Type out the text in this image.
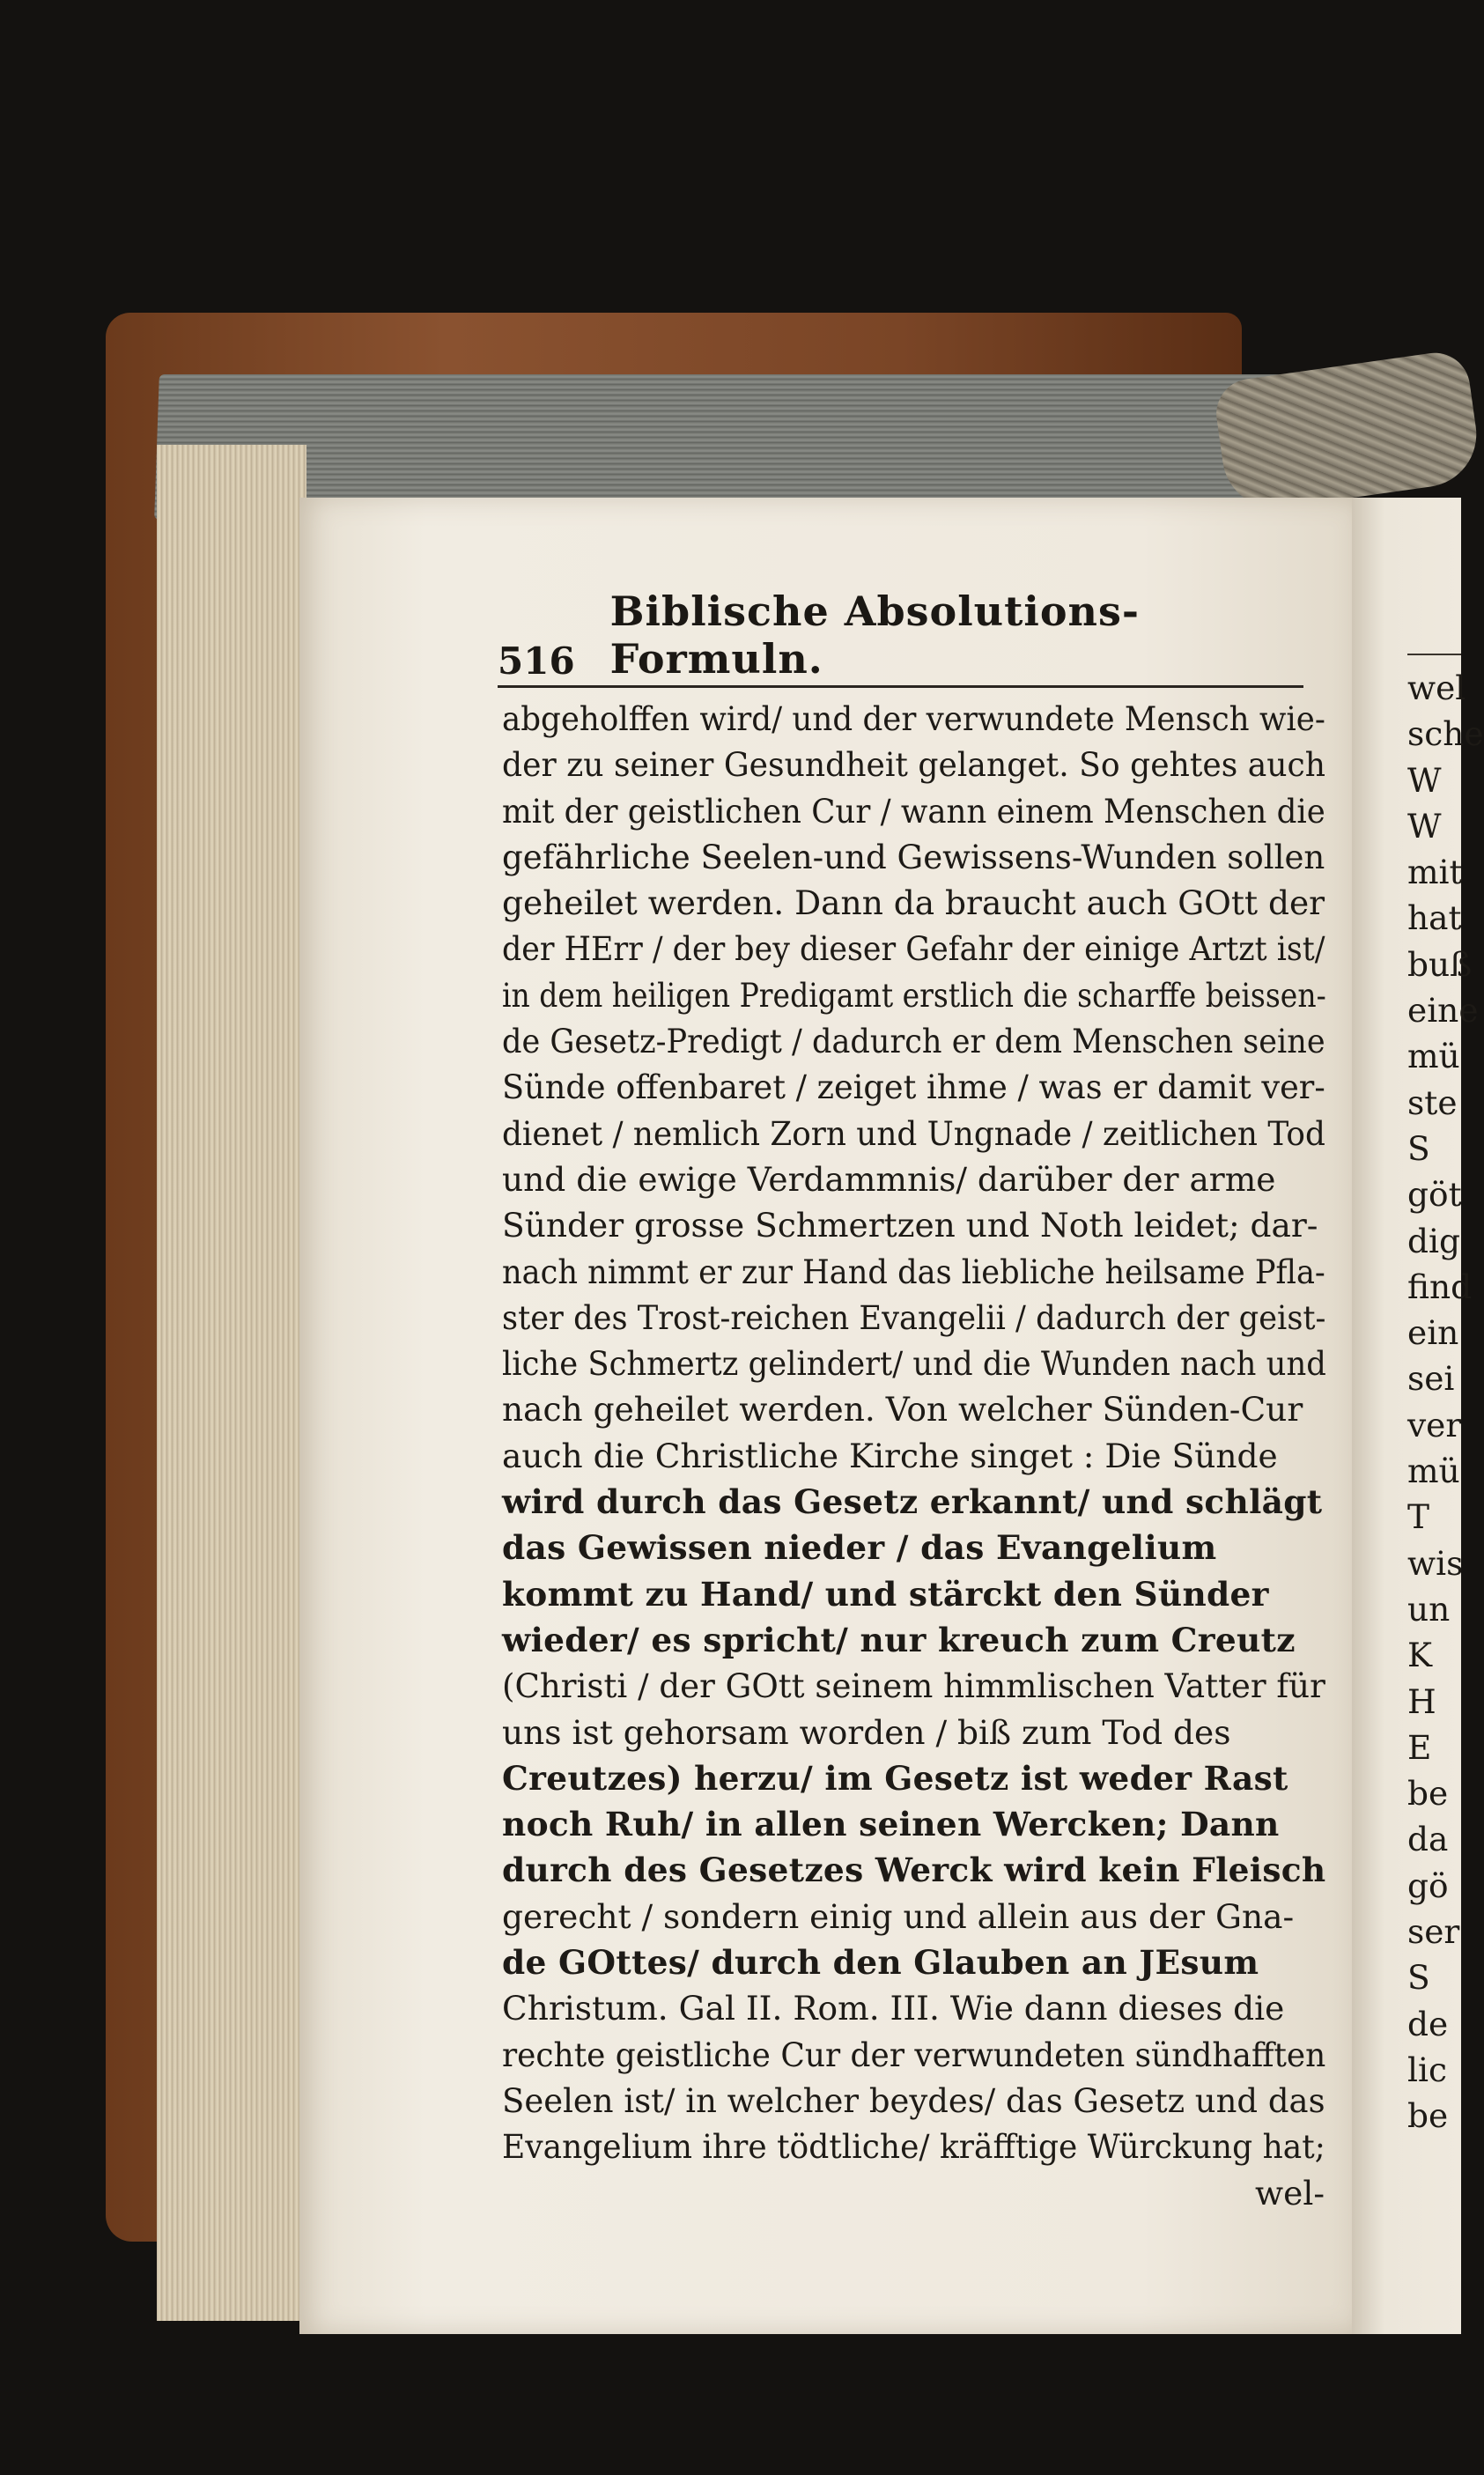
516
Biblische Absolutions-Formuln.
abgeholffen wird/ und der verwundete Mensch wie-
der zu seiner Gesundheit gelanget. So gehtes auch
mit der geistlichen Cur / wann einem Menschen die
gefährliche Seelen-und Gewissens-Wunden sollen
geheilet werden. Dann da braucht auch GOtt der
der HErr / der bey dieser Gefahr der einige Artzt ist/
in dem heiligen Predigamt erstlich die scharffe beissen-
de Gesetz-Predigt / dadurch er dem Menschen seine
Sünde offenbaret / zeiget ihme / was er damit ver-
dienet / nemlich Zorn und Ungnade / zeitlichen Tod
und die ewige Verdammnis/ darüber der arme
Sünder grosse Schmertzen und Noth leidet; dar-
nach nimmt er zur Hand das liebliche heilsame Pfla-
ster des Trost-reichen Evangelii / dadurch der geist-
liche Schmertz gelindert/ und die Wunden nach und
nach geheilet werden. Von welcher Sünden-Cur
auch die Christliche Kirche singet : Die Sünde
wird durch das Gesetz erkannt/ und schlägt
das Gewissen nieder / das Evangelium
kommt zu Hand/ und stärckt den Sünder
wieder/ es spricht/ nur kreuch zum Creutz
(Christi / der GOtt seinem himmlischen Vatter für
uns ist gehorsam worden / biß zum Tod des
Creutzes) herzu/ im Gesetz ist weder Rast
noch Ruh/ in allen seinen Wercken; Dann
durch des Gesetzes Werck wird kein Fleisch
gerecht / sondern einig und allein aus der Gna-
de GOttes/ durch den Glauben an JEsum
Christum. Gal II. Rom. III. Wie dann dieses die
rechte geistliche Cur der verwundeten sündhafften
Seelen ist/ in welcher beydes/ das Gesetz und das
Evangelium ihre tödtliche/ kräfftige Würckung hat;
wel-
wel
sche
W
W
mit
hat
buß
eine
mü
ste
S
göt
dig
find
ein
sei
ver
mü
T
wis
un
K
H
E
be
da
gö
ser
S
de
lic
be
